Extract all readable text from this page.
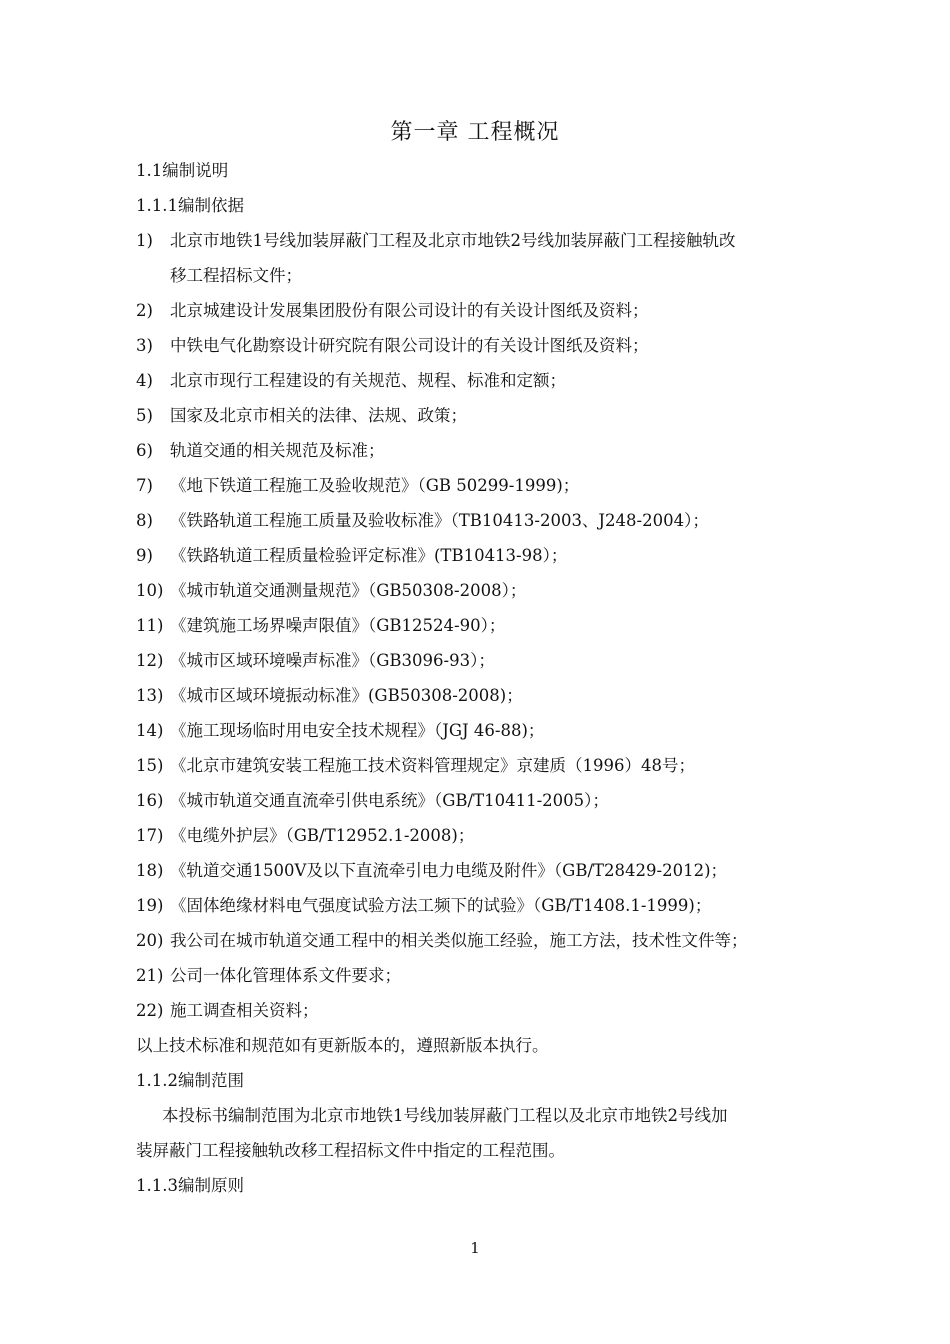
第一章 工程概况
1.1编制说明
1.1.1编制依据
1) 北京市地铁1号线加装屏蔽门工程及北京市地铁2号线加装屏蔽门工程接触轨改
移工程招标文件；
2) 北京城建设计发展集团股份有限公司设计的有关设计图纸及资料；
3) 中铁电气化勘察设计研究院有限公司设计的有关设计图纸及资料；
4) 北京市现行工程建设的有关规范、规程、标准和定额；
5) 国家及北京市相关的法律、法规、政策；
6) 轨道交通的相关规范及标准；
7) 《地下铁道工程施工及验收规范》（GB 50299-1999)；
8) 《铁路轨道工程施工质量及验收标准》（TB10413-2003、J248-2004）；
9) 《铁路轨道工程质量检验评定标准》(TB10413-98）；
10) 《城市轨道交通测量规范》（GB50308-2008）；
11) 《建筑施工场界噪声限值》（GB12524-90）；
12) 《城市区域环境噪声标准》（GB3096-93）；
13) 《城市区域环境振动标准》(GB50308-2008)；
14) 《施工现场临时用电安全技术规程》（JGJ 46-88)；
15) 《北京市建筑安装工程施工技术资料管理规定》京建质（1996）48号；
16) 《城市轨道交通直流牵引供电系统》（GB/T10411-2005）；
17) 《电缆外护层》（GB/T12952.1-2008)；
18) 《轨道交通1500V及以下直流牵引电力电缆及附件》（GB/T28429-2012)；
19) 《固体绝缘材料电气强度试验方法工频下的试验》（GB/T1408.1-1999)；
20) 我公司在城市轨道交通工程中的相关类似施工经验，施工方法，技术性文件等；
21) 公司一体化管理体系文件要求；
22) 施工调查相关资料；
以上技术标准和规范如有更新版本的，遵照新版本执行。
1.1.2编制范围
本投标书编制范围为北京市地铁1号线加装屏蔽门工程以及北京市地铁2号线加
装屏蔽门工程接触轨改移工程招标文件中指定的工程范围。
1.1.3编制原则
1
